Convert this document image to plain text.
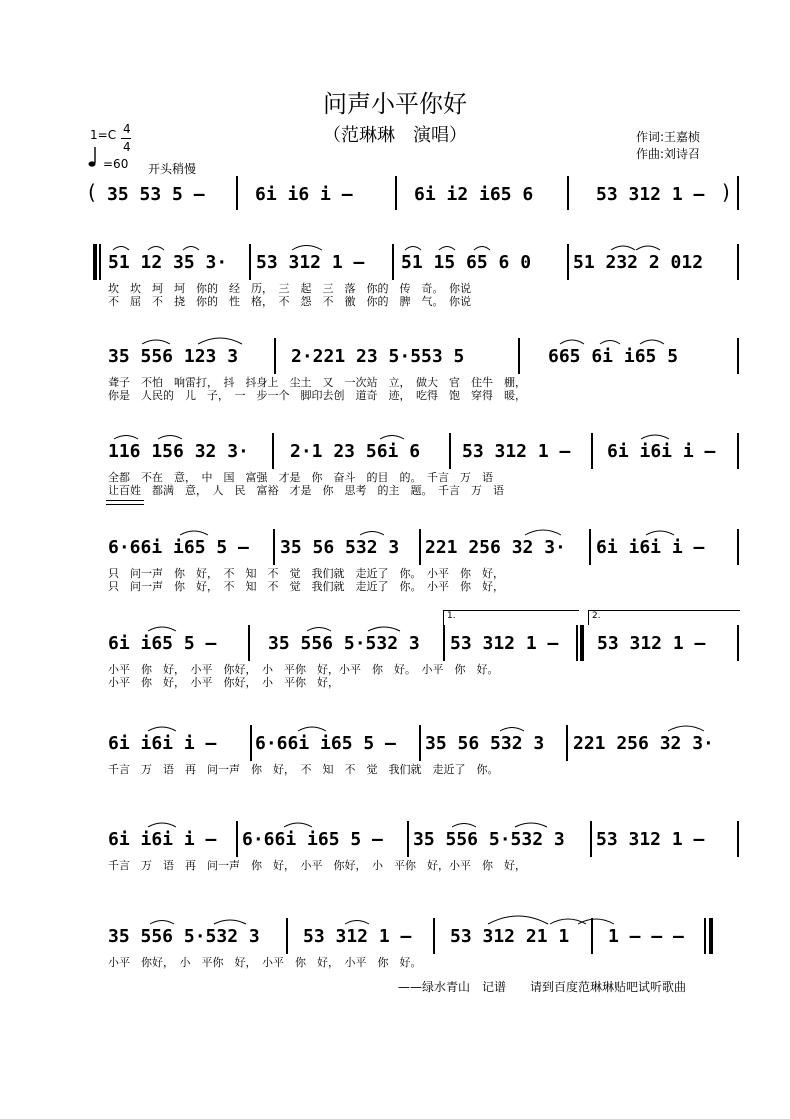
问声小平你好
（范琳琳　演唱）	作词:王嘉桢
作曲:刘诗召
1=C 4
4
=60 开头稍慢
( 35 53 5 –	6i i6 i –	6i i2 i65 6	53 312 1 – )
51 12 35 3· 53 312 1 – 51 15 65 6 0 51 232 2 012
坎　坎　坷　坷　你的　经　历，　三　起　三　落　你的　传　奇。　你说
不　屈　不　挠　你的　性　格，　不　怨　不　徼　你的　脾　气。　你说
35 556 123 3	2·221 23 5·553 5	665 6i i65 5
聋子　不怕　响雷打，　抖　抖身上　尘土　又　一次站　立，　做大　官　住牛　棚，
你是　人民的　儿　子，　一　步一个　脚印去创　道奇　迹，　吃得　饱　穿得　暖，
116 156 32 3· 2·1 23 56i 6 53 312 1 – 6i i6i i –
全都　不在　意，　中　国　富强　才是　你　奋斗　的目　的。　千言　万　语
让百姓　都满　意，　人　民　富裕　才是　你　思考　的主　题。　千言　万　语
6·66i i65 5 – 35 56 532 3 221 256 32 3· 6i i6i i –
只　问一声　你　好，　不　知　不　觉　我们就　走近了　你。　小平　你　好，
只　问一声　你　好，　不　知　不　觉　我们就　走近了　你。　小平　你　好，
1.	2.
6i i65 5 –	35 556 5·532 3 53 312 1 – 53 312 1 –
小平　你　好，　小平　你好，　小　平你　好，小平　你　好。　小平　你　好。
小平　你　好，　小平　你好，　小　平你　好，
6i i6i i – 6·66i i65 5 – 35 56 532 3 221 256 32 3·
千言　万　语　再　问一声　你　好，　不　知　不　觉　我们就　走近了　你。
6i i6i i – 6·66i i65 5 – 35 556 5·532 3 53 312 1 –
千言　万　语　再　问一声　你　好，　小平　你好，　小　平你　好，小平　你　好，
35 556 5·532 3 53 312 1 – 53 312 21 1 1 – – –
小平　你好，　小　平你　好，　小平　你　好，　小平　你　好。
——绿水青山　记谱　　请到百度范琳琳贴吧试听歌曲
